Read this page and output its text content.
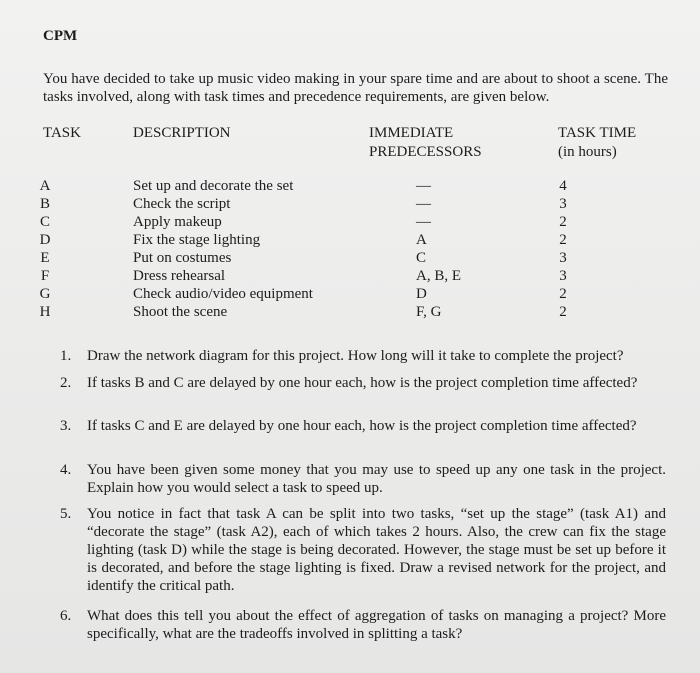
CPM
You have decided to take up music video making in your spare time and are about to shoot a scene. The tasks involved, along with task times and precedence requirements, are given below.
TASK	DESCRIPTION	IMMEDIATE
PREDECESSORS
TASK TIME
(in hours)
A
B
C
D
E
F
G
H
Set up and decorate the set
Check the script
Apply makeup
Fix the stage lighting
Put on costumes
Dress rehearsal
Check audio/video equipment
Shoot the scene
—
—
—
A
C
A, B, E
D
F, G
4
3
2
2
3
3
2
2
1. Draw the network diagram for this project. How long will it take to complete the project?
2. If tasks B and C are delayed by one hour each, how is the project completion time affected?
3. If tasks C and E are delayed by one hour each, how is the project completion time affected?
4. You have been given some money that you may use to speed up any one task in the project. Explain how you would select a task to speed up.
5. You notice in fact that task A can be split into two tasks, “set up the stage” (task A1) and “decorate the stage” (task A2), each of which takes 2 hours. Also, the crew can fix the stage lighting (task D) while the stage is being decorated. However, the stage must be set up before it is decorated, and before the stage lighting is fixed. Draw a revised network for the project, and identify the critical path.
6. What does this tell you about the effect of aggregation of tasks on managing a project? More specifically, what are the tradeoffs involved in splitting a task?
